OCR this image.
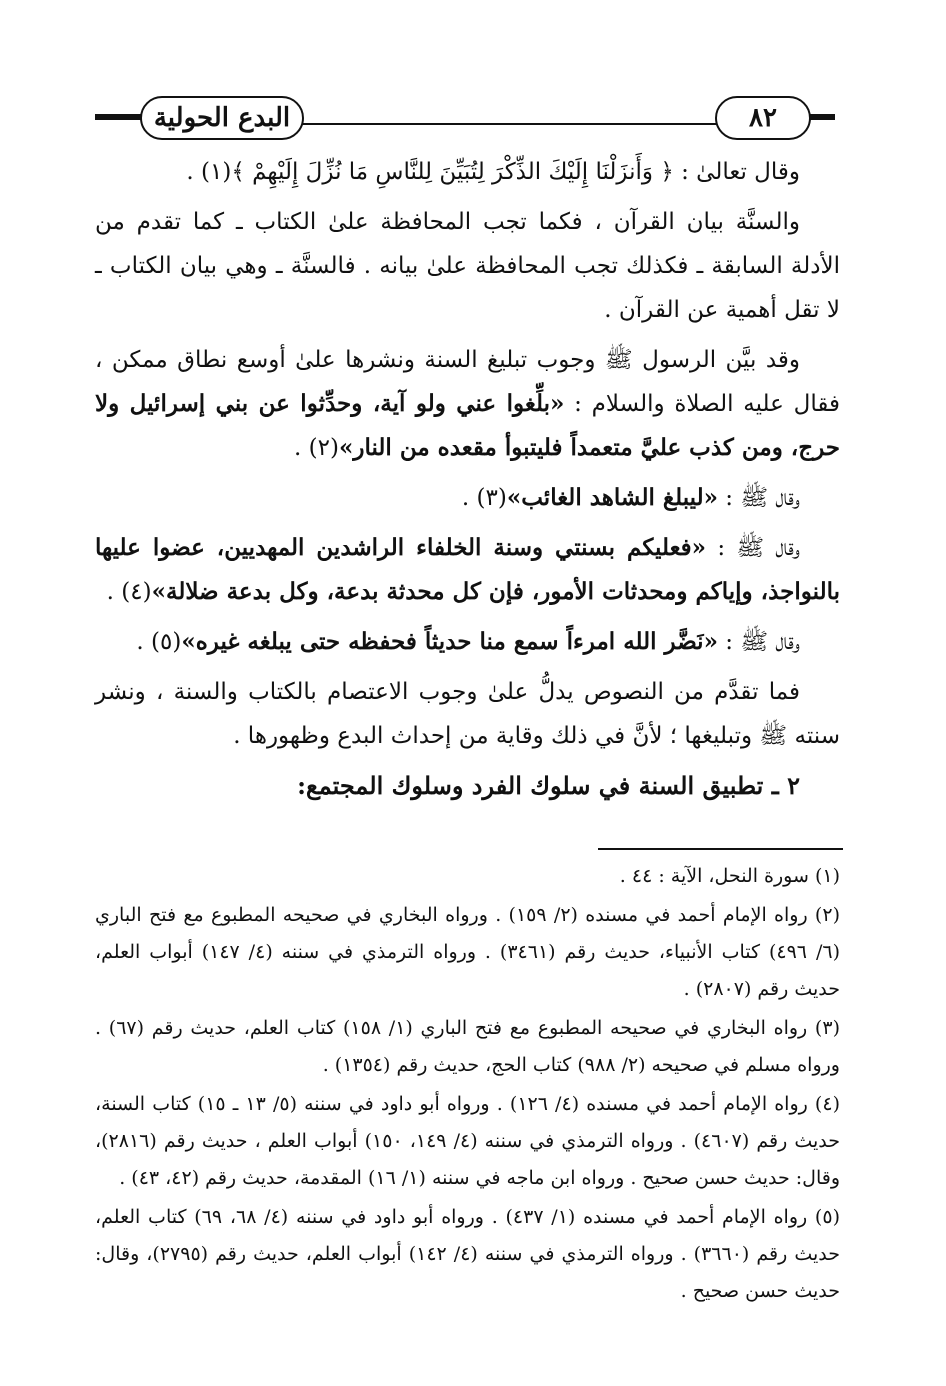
البدع الحولية	٨٢

وقال تعالىٰ : ﴿ وَأَنزَلْنَا إِلَيْكَ الذِّكْرَ لِتُبَيِّنَ لِلنَّاسِ مَا نُزِّلَ إِلَيْهِمْ ﴾(١) .

والسنَّة بيان القرآن ، فكما تجب المحافظة علىٰ الكتاب ـ كما تقدم من الأدلة السابقة ـ فكذلك تجب المحافظة علىٰ بيانه . فالسنَّة ـ وهي بيان الكتاب ـ لا تقل أهمية عن القرآن .

وقد بيَّن الرسول ﷺ وجوب تبليغ السنة ونشرها علىٰ أوسع نطاق ممكن ، فقال عليه الصلاة والسلام : «بلِّغوا عني ولو آية، وحدِّثوا عن بني إسرائيل ولا حرج، ومن كذب عليَّ متعمداً فليتبوأ مقعده من النار»(٢) .

وقال ﷺ : «ليبلغ الشاهد الغائب»(٣) .

وقال ﷺ : «فعليكم بسنتي وسنة الخلفاء الراشدين المهديين، عضوا عليها بالنواجذ، وإياكم ومحدثات الأمور، فإن كل محدثة بدعة، وكل بدعة ضلالة»(٤) .

وقال ﷺ : «نَضَّر الله امرءاً سمع منا حديثاً فحفظه حتى يبلغه غيره»(٥) .

فما تقدَّم من النصوص يدلُّ علىٰ وجوب الاعتصام بالكتاب والسنة ، ونشر سنته ﷺ وتبليغها ؛ لأنَّ في ذلك وقاية من إحداث البدع وظهورها .

٢ ـ تطبيق السنة في سلوك الفرد وسلوك المجتمع:

(١) سورة النحل، الآية : ٤٤ .

(٢) رواه الإمام أحمد في مسنده (٢/ ١٥٩) . ورواه البخاري في صحيحه المطبوع مع فتح الباري (٦/ ٤٩٦) كتاب الأنبياء، حديث رقم (٣٤٦١) . ورواه الترمذي في سننه (٤/ ١٤٧) أبواب العلم، حديث رقم (٢٨٠٧) .

(٣) رواه البخاري في صحيحه المطبوع مع فتح الباري (١/ ١٥٨) كتاب العلم، حديث رقم (٦٧) . ورواه مسلم في صحيحه (٢/ ٩٨٨) كتاب الحج، حديث رقم (١٣٥٤) .

(٤) رواه الإمام أحمد في مسنده (٤/ ١٢٦) . ورواه أبو داود في سننه (٥/ ١٣ ـ ١٥) كتاب السنة، حديث رقم (٤٦٠٧) . ورواه الترمذي في سننه (٤/ ١٤٩، ١٥٠) أبواب العلم ، حديث رقم (٢٨١٦)، وقال: حديث حسن صحيح . ورواه ابن ماجه في سننه (١/ ١٦) المقدمة، حديث رقم (٤٢، ٤٣) .

(٥) رواه الإمام أحمد في مسنده (١/ ٤٣٧) . ورواه أبو داود في سننه (٤/ ٦٨، ٦٩) كتاب العلم، حديث رقم (٣٦٦٠) . ورواه الترمذي في سننه (٤/ ١٤٢) أبواب العلم، حديث رقم (٢٧٩٥)، وقال: حديث حسن صحيح .
